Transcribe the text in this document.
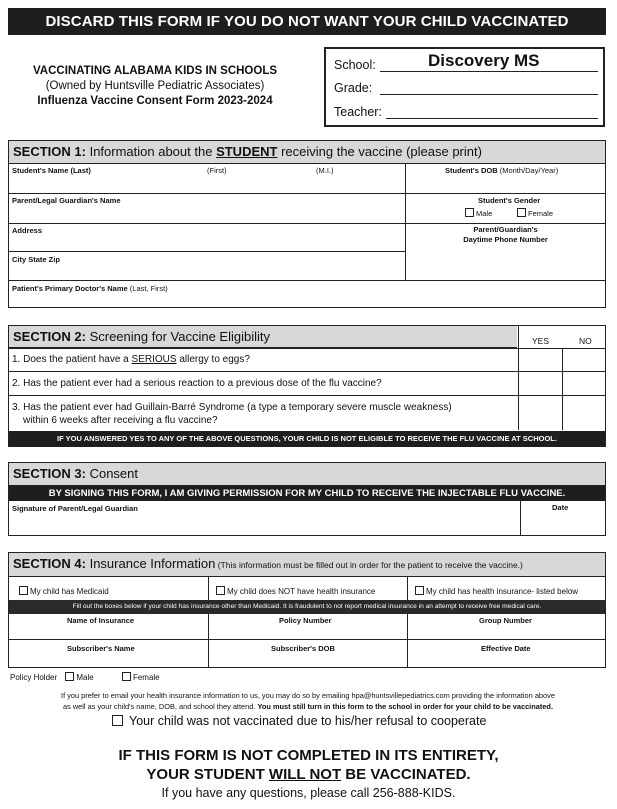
DISCARD THIS FORM IF YOU DO NOT WANT YOUR CHILD VACCINATED
VACCINATING ALABAMA KIDS IN SCHOOLS
(Owned by Huntsville Pediatric Associates)
Influenza Vaccine Consent Form 2023-2024
School:	Discovery MS
Grade:
Teacher:
SECTION 1: Information about the STUDENT receiving the vaccine (please print)
Student's Name (Last)	(First)	(M.I.)	Student's DOB (Month/Day/Year)
Parent/Legal Guardian's Name	Student's Gender
Male	Female
Address	Parent/Guardian's
Daytime Phone Number
City State Zip
Patient's Primary Doctor's Name (Last, First)
SECTION 2: Screening for Vaccine Eligibility	YES	NO
1. Does the patient have a SERIOUS allergy to eggs?
2. Has the patient ever had a serious reaction to a previous dose of the flu vaccine?
3. Has the patient ever had Guillain-Barré Syndrome (a type a temporary severe muscle weakness)
within 6 weeks after receiving a flu vaccine?
IF YOU ANSWERED YES TO ANY OF THE ABOVE QUESTIONS, YOUR CHILD IS NOT ELIGIBLE TO RECEIVE THE FLU VACCINE AT SCHOOL.
SECTION 3: Consent
BY SIGNING THIS FORM, I AM GIVING PERMISSION FOR MY CHILD TO RECEIVE THE INJECTABLE FLU VACCINE.
Signature of Parent/Legal Guardian	Date
SECTION 4: Insurance Information (This information must be filled out in order for the patient to receive the vaccine.)
My child has Medicaid	My child does NOT have health insurance	My child has health insurance- listed below
Fill out the boxes below if your child has insurance other than Medicaid. It is fraudulent to not report medical insurance in an attempt to receive free medical care.
Name of Insurance	Policy Number	Group Number
Subscriber's Name	Subscriber's DOB	Effective Date
Policy Holder Male	Female
If you prefer to email your health insurance information to us, you may do so by emailing hpa@huntsvillepediatrics.com providing the information above
as well as your child's name, DOB, and school they attend. You must still turn in this form to the school in order for your child to be vaccinated.
Your child was not vaccinated due to his/her refusal to cooperate
IF THIS FORM IS NOT COMPLETED IN ITS ENTIRETY,
YOUR STUDENT WILL NOT BE VACCINATED.
If you have any questions, please call 256-888-KIDS.
